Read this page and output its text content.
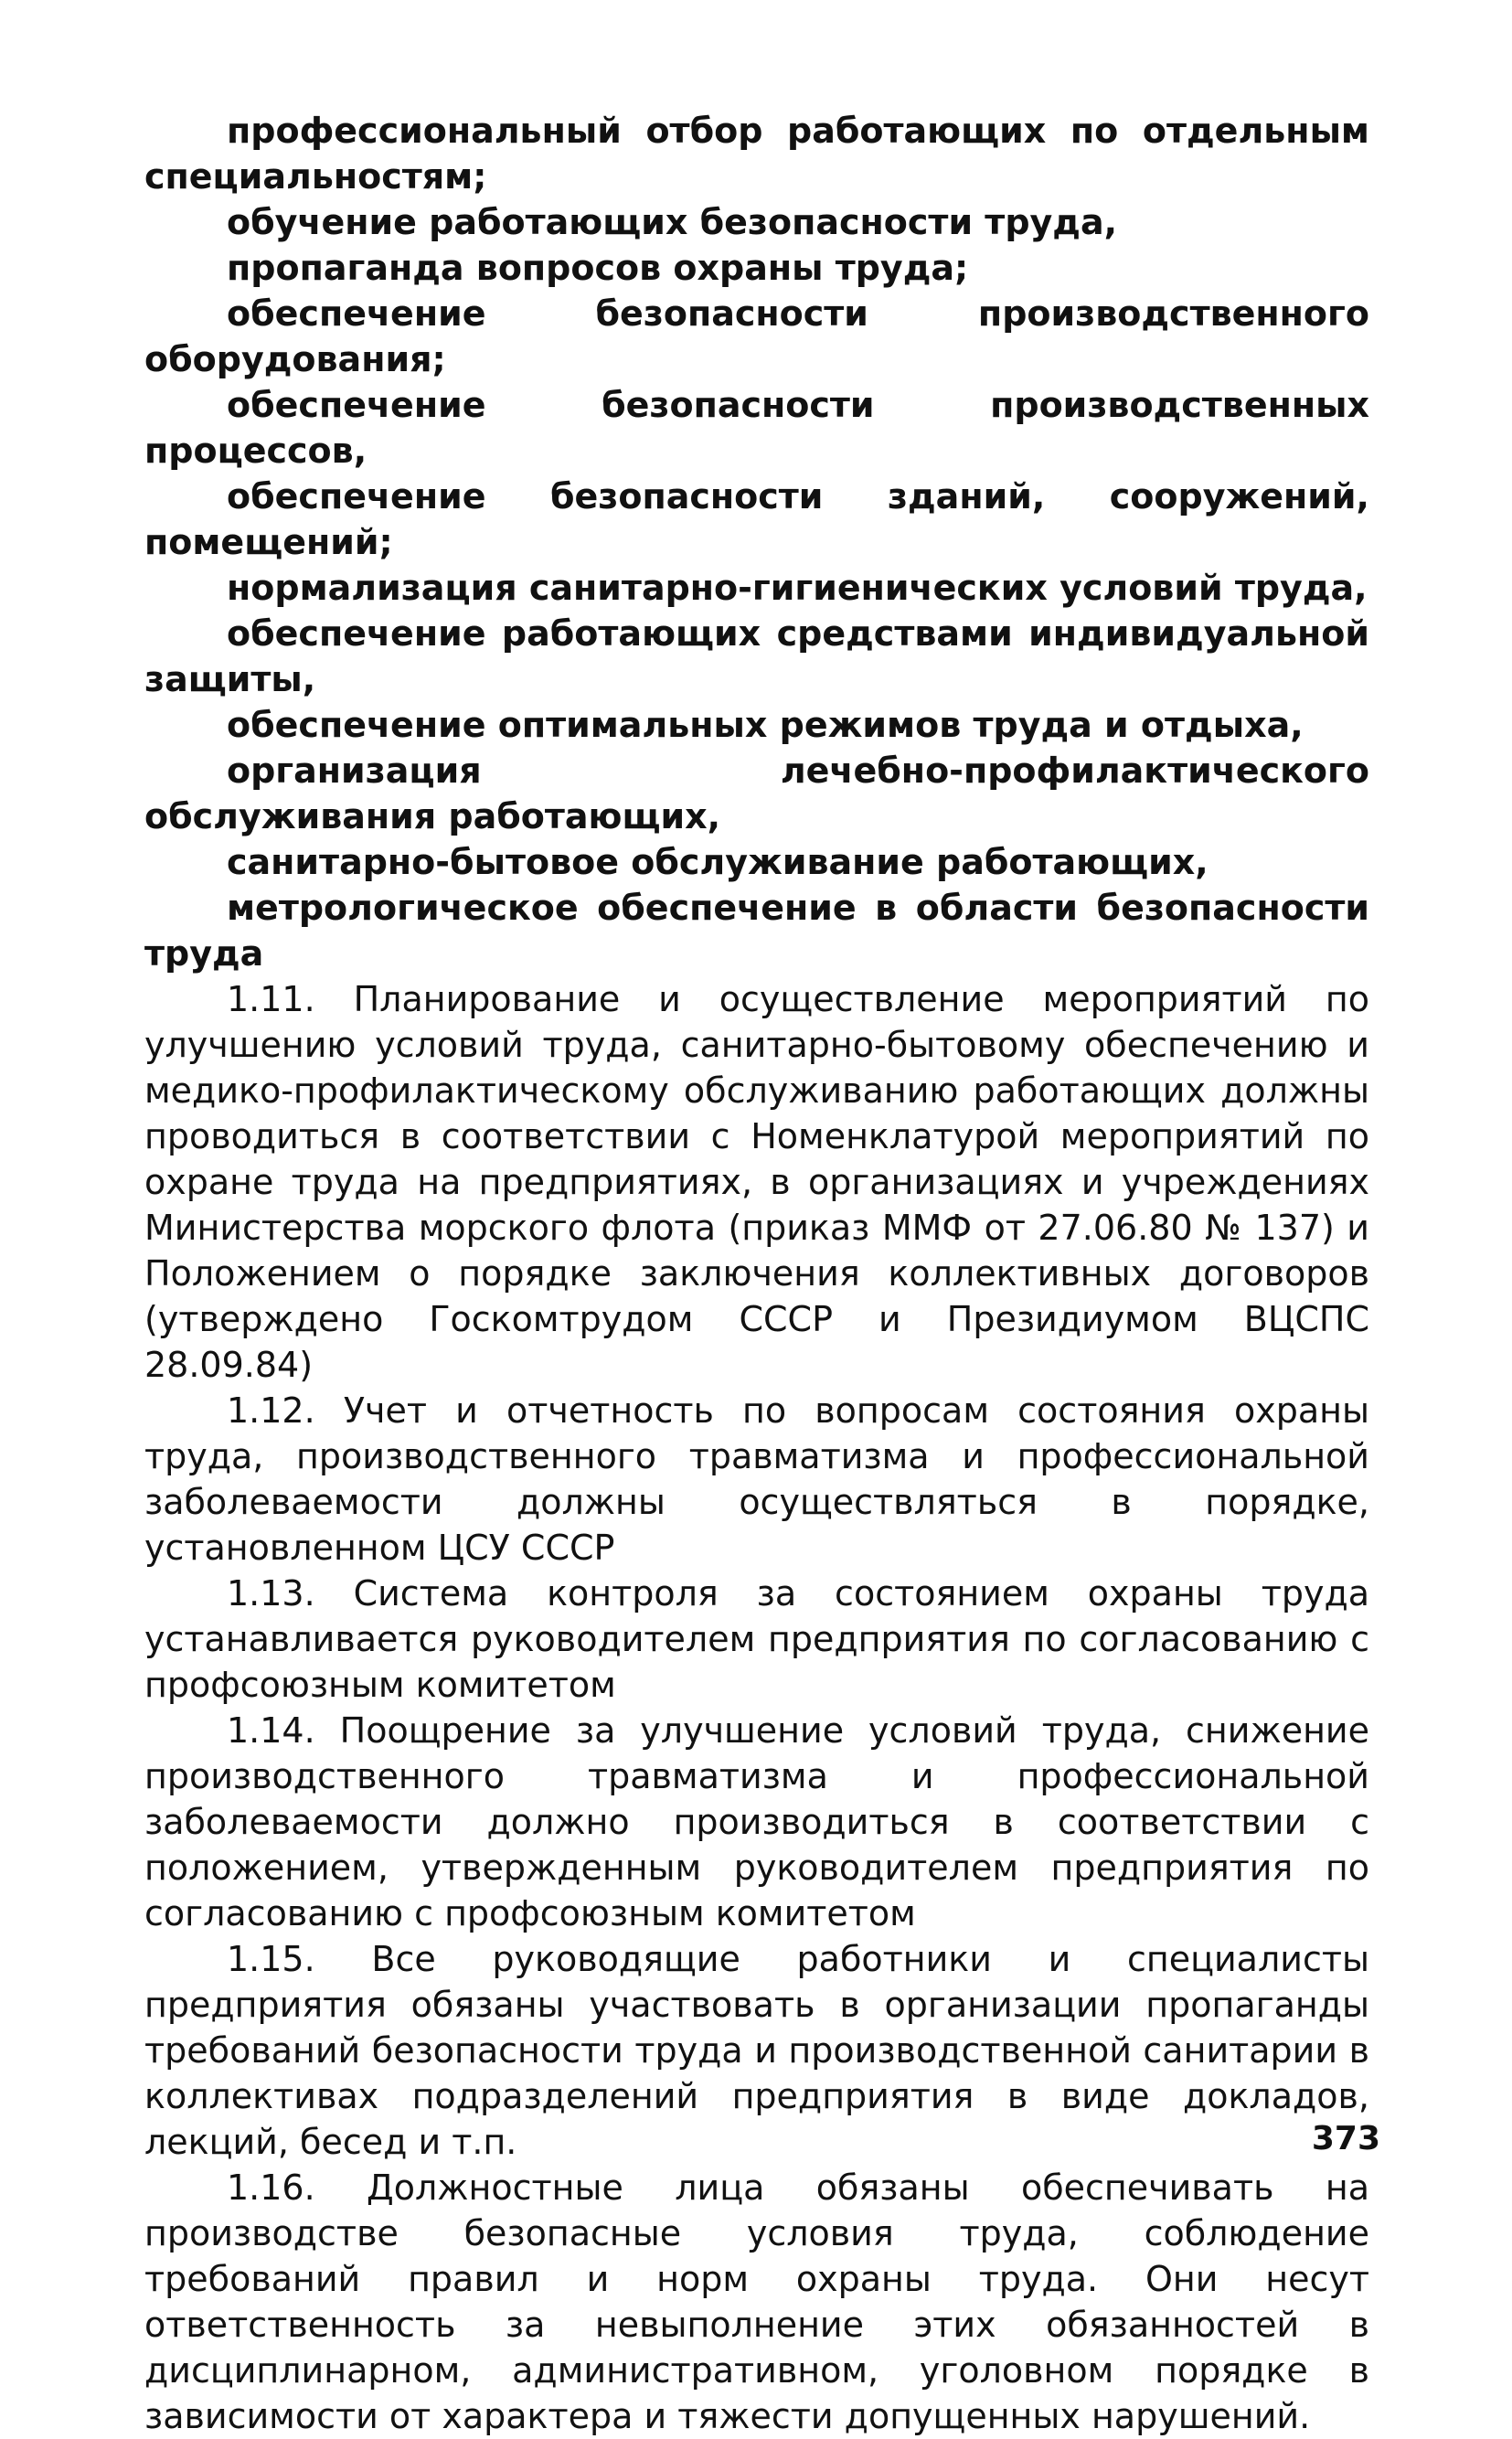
профессиональный отбор работающих по отдельным специальностям;

обучение работающих безопасности труда,

пропаганда вопросов охраны труда;

обеспечение безопасности производственного оборудования;

обеспечение безопасности производственных процессов,

обеспечение безопасности зданий, сооружений, помещений;

нормализация санитарно-гигиенических условий труда,

обеспечение работающих средствами индивидуальной защиты,

обеспечение оптимальных режимов труда и отдыха,

организация лечебно-профилактического обслуживания работающих,

санитарно-бытовое обслуживание работающих,

метрологическое обеспечение в области безопасности труда

1.11. Планирование и осуществление мероприятий по улучшению условий труда, санитарно-бытовому обеспечению и медико-профилактическому обслуживанию работающих должны проводиться в соответствии с Номенклатурой мероприятий по охране труда на предприятиях, в организациях и учреждениях Министерства морского флота (приказ ММФ от 27.06.80 № 137) и Положением о порядке заключения коллективных договоров (утверждено Госкомтрудом СССР и Президиумом ВЦСПС 28.09.84)

1.12. Учет и отчетность по вопросам состояния охраны труда, производственного травматизма и профессиональной заболеваемости должны осуществляться в порядке, установленном ЦСУ СССР

1.13. Система контроля за состоянием охраны труда устанавливается руководителем предприятия по согласованию с профсоюзным комитетом

1.14. Поощрение за улучшение условий труда, снижение производственного травматизма и профессиональной заболеваемости должно производиться в соответствии с положением, утвержденным руководителем предприятия по согласованию с профсоюзным комитетом

1.15. Все руководящие работники и специалисты предприятия обязаны участвовать в организации пропаганды требований безопасности труда и производственной санитарии в коллективах подразделений предприятия в виде докладов, лекций, бесед и т.п.

1.16. Должностные лица обязаны обеспечивать на производстве безопасные условия труда, соблюдение требований правил и норм охраны труда. Они несут ответственность за невыполнение этих обязанностей в дисциплинарном, административном, уголовном порядке в зависимости от характера и тяжести допущенных нарушений.

373
